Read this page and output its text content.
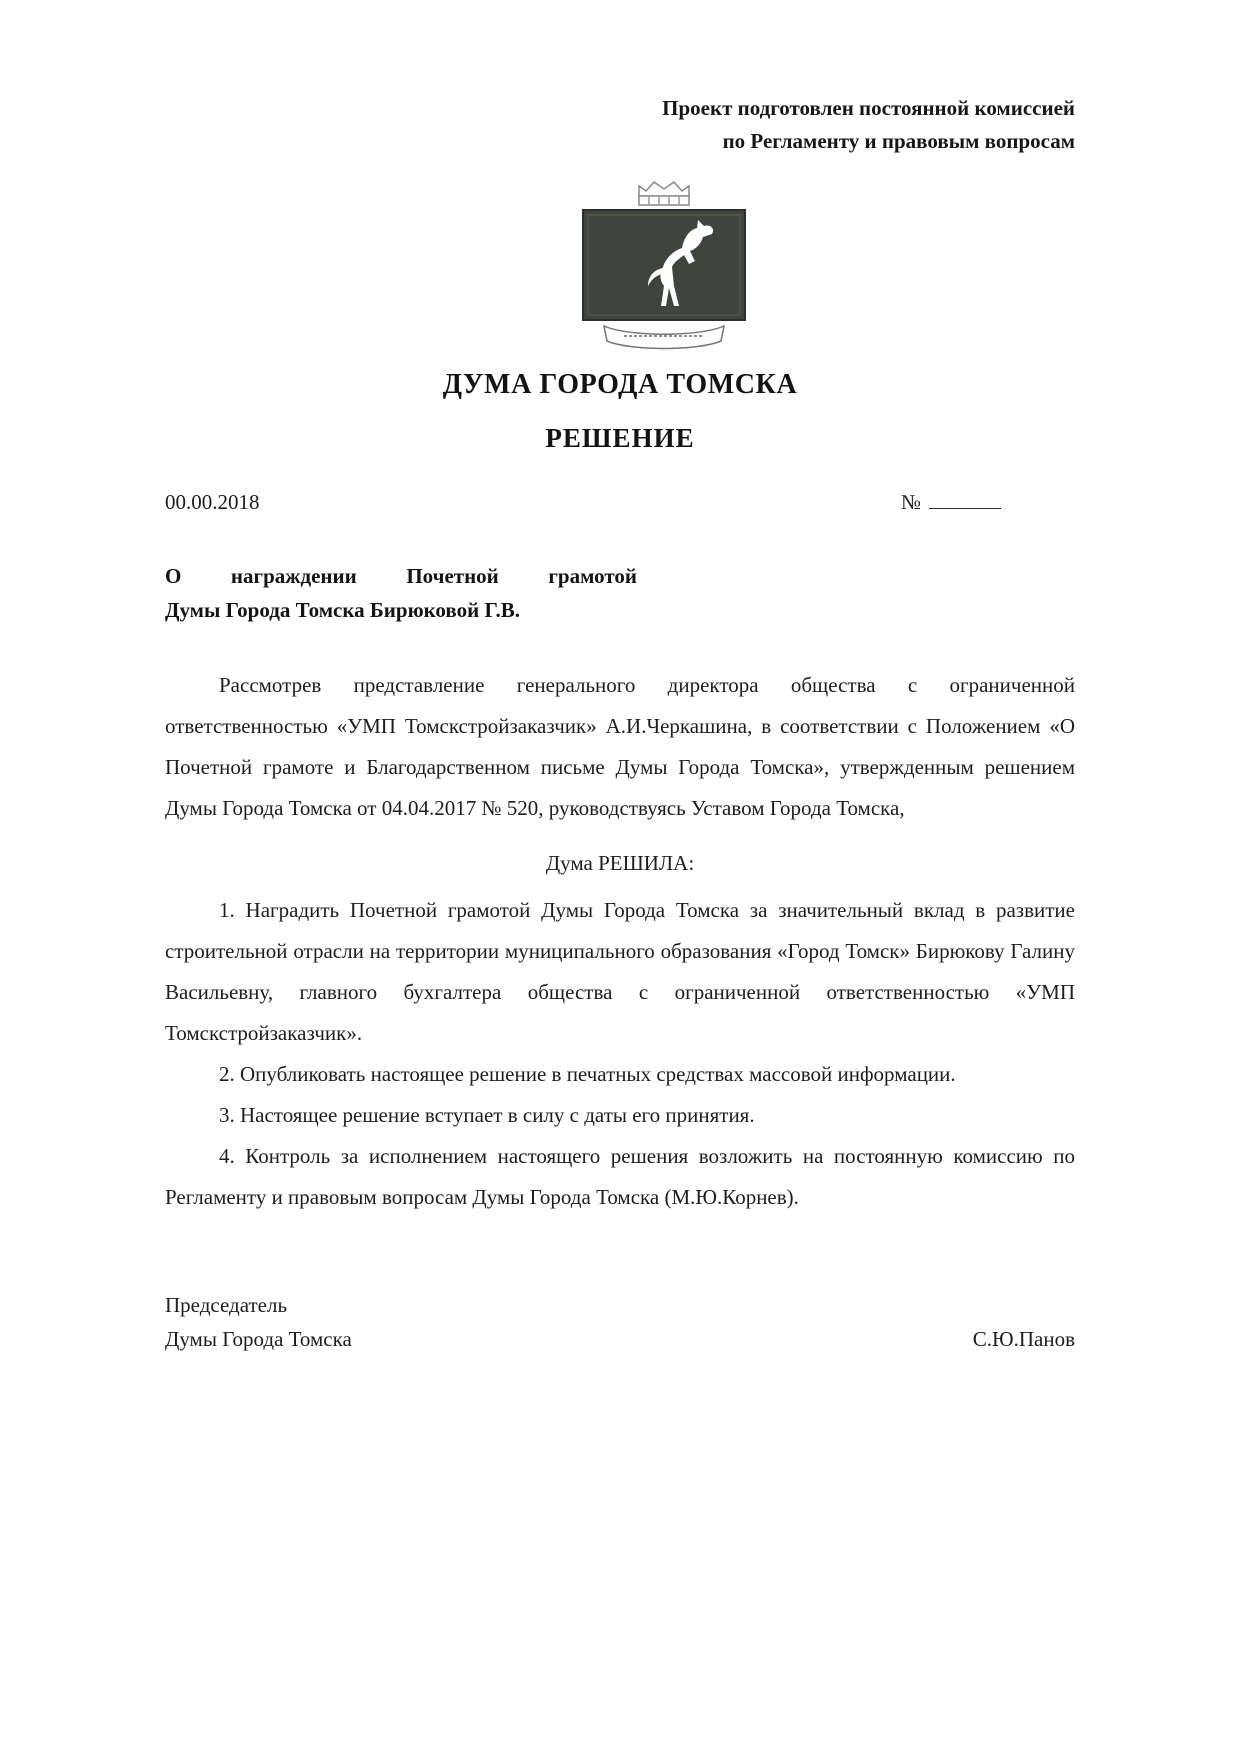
Проект подготовлен постоянной комиссией
по Регламенту и правовым вопросам
ДУМА ГОРОДА ТОМСКА
РЕШЕНИЕ
00.00.2018	№
О награждении Почетной грамотой
Думы Города Томска Бирюковой Г.В.
Рассмотрев представление генерального директора общества с ограниченной ответственностью «УМП Томскстройзаказчик» А.И.Черкашина, в соответствии с Положением «О Почетной грамоте и Благодарственном письме Думы Города Томска», утвержденным решением Думы Города Томска от 04.04.2017 № 520, руководствуясь Уставом Города Томска,
Дума РЕШИЛА:
1. Наградить Почетной грамотой Думы Города Томска за значительный вклад в развитие строительной отрасли на территории муниципального образования «Город Томск» Бирюкову Галину Васильевну, главного бухгалтера общества с ограниченной ответственностью «УМП Томскстройзаказчик».
2. Опубликовать настоящее решение в печатных средствах массовой информации.
3. Настоящее решение вступает в силу с даты его принятия.
4. Контроль за исполнением настоящего решения возложить на постоянную комиссию по Регламенту и правовым вопросам Думы Города Томска (М.Ю.Корнев).
Председатель
Думы Города Томска	С.Ю.Панов
